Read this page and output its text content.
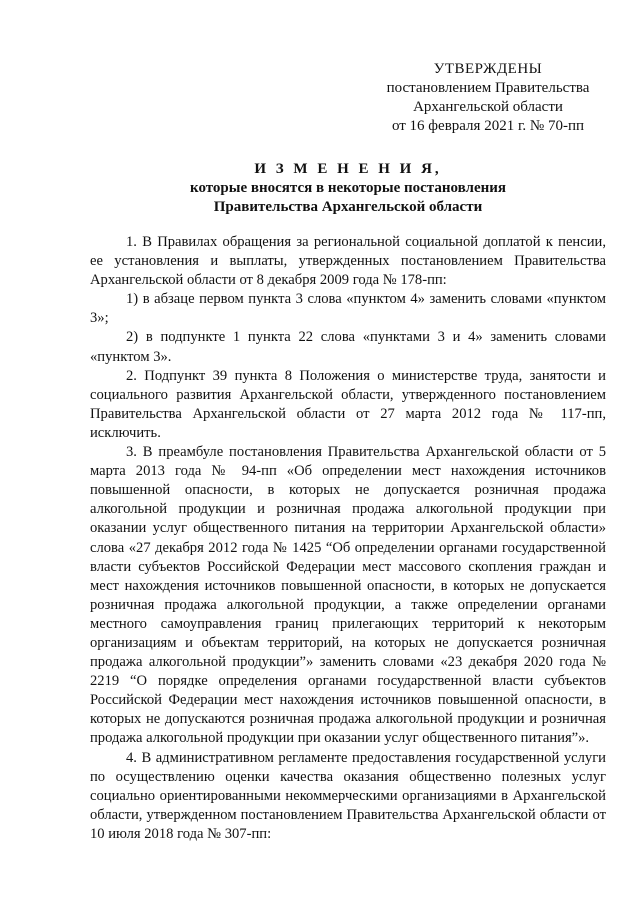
УТВЕРЖДЕНЫ
постановлением Правительства
Архангельской области
от 16 февраля 2021 г. № 70-пп
И З М Е Н Е Н И Я,
которые вносятся в некоторые постановления
Правительства Архангельской области

1. В Правилах обращения за региональной социальной доплатой к пенсии, ее установления и выплаты, утвержденных постановлением Правительства Архангельской области от 8 декабря 2009 года № 178-пп:

1) в абзаце первом пункта 3 слова «пунктом 4» заменить словами «пунктом 3»;

2) в подпункте 1 пункта 22 слова «пунктами 3 и 4» заменить словами «пунктом 3».

2. Подпункт 39 пункта 8 Положения о министерстве труда, занятости и социального развития Архангельской области, утвержденного постановлением Правительства Архангельской области от 27 марта 2012 года № 117-пп, исключить.

3. В преамбуле постановления Правительства Архангельской области от 5 марта 2013 года № 94-пп «Об определении мест нахождения источников повышенной опасности, в которых не допускается розничная продажа алкогольной продукции и розничная продажа алкогольной продукции при оказании услуг общественного питания на территории Архангельской области» слова «27 декабря 2012 года № 1425 “Об определении органами государственной власти субъектов Российской Федерации мест массового скопления граждан и мест нахождения источников повышенной опасности, в которых не допускается розничная продажа алкогольной продукции, а также определении органами местного самоуправления границ прилегающих территорий к некоторым организациям и объектам территорий, на которых не допускается розничная продажа алкогольной продукции”» заменить словами «23 декабря 2020 года № 2219 “О порядке определения органами государственной власти субъектов Российской Федерации мест нахождения источников повышенной опасности, в которых не допускаются розничная продажа алкогольной продукции и розничная продажа алкогольной продукции при оказании услуг общественного питания”».

4. В административном регламенте предоставления государственной услуги по осуществлению оценки качества оказания общественно полезных услуг социально ориентированными некоммерческими организациями в Архангельской области, утвержденном постановлением Правительства Архангельской области от 10 июля 2018 года № 307-пп:
